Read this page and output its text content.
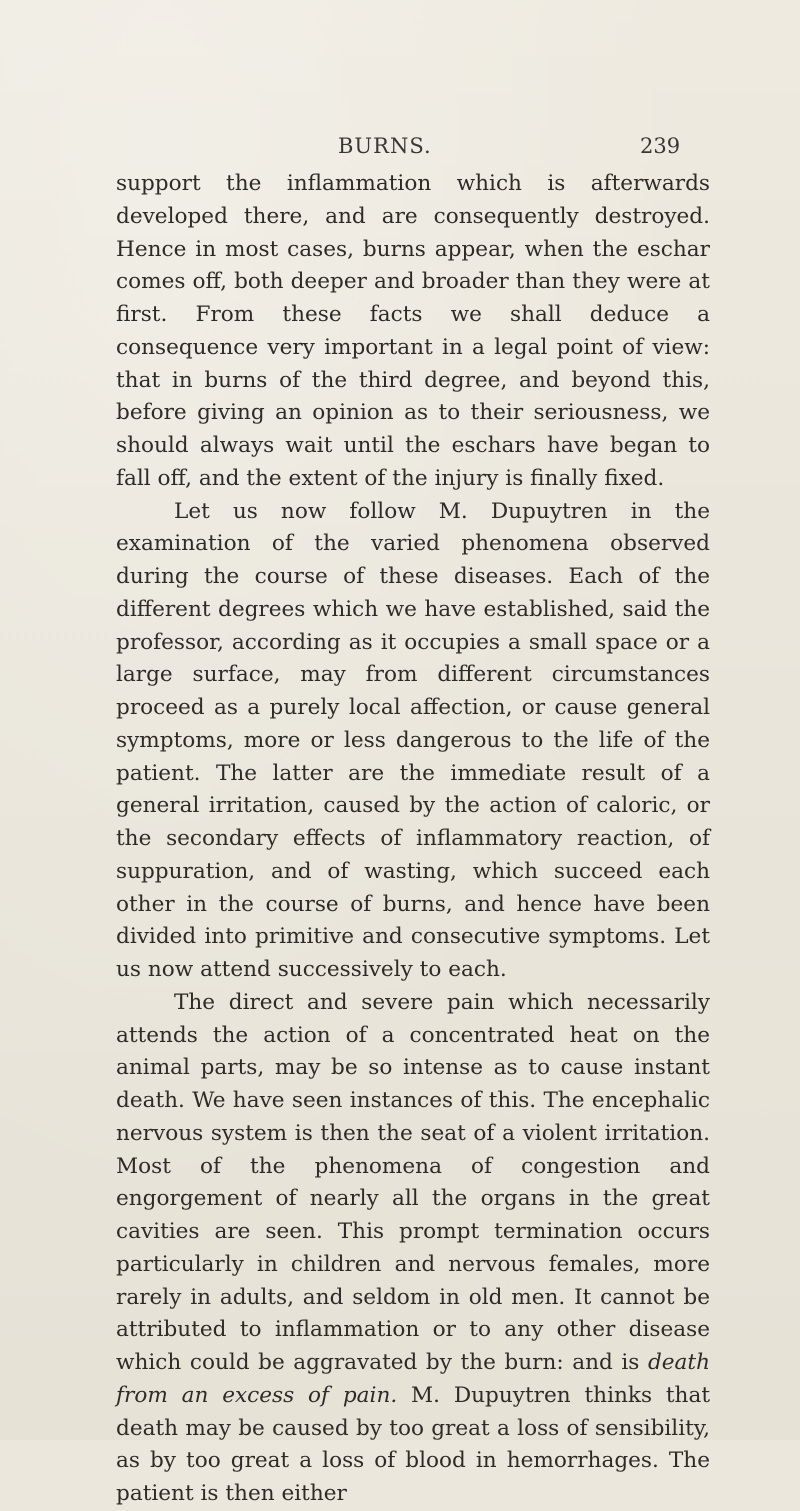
BURNS.	239

support the inflammation which is afterwards developed there, and are consequently destroyed. Hence in most cases, burns appear, when the eschar comes off, both deeper and broader than they were at first. From these facts we shall deduce a consequence very important in a legal point of view: that in burns of the third degree, and beyond this, before giving an opinion as to their seriousness, we should always wait until the eschars have began to fall off, and the extent of the injury is finally fixed.

Let us now follow M. Dupuytren in the examination of the varied phenomena observed during the course of these diseases. Each of the different degrees which we have established, said the professor, according as it occupies a small space or a large surface, may from different circumstances proceed as a purely local affection, or cause general symptoms, more or less dangerous to the life of the patient. The latter are the immediate result of a general irritation, caused by the action of caloric, or the secondary effects of inflammatory reaction, of suppuration, and of wasting, which succeed each other in the course of burns, and hence have been divided into primitive and consecutive symptoms. Let us now attend successively to each.

The direct and severe pain which necessarily attends the action of a concentrated heat on the animal parts, may be so intense as to cause instant death. We have seen instances of this. The encephalic nervous system is then the seat of a violent irritation. Most of the phenomena of congestion and engorgement of nearly all the organs in the great cavities are seen. This prompt termination occurs particularly in children and nervous females, more rarely in adults, and seldom in old men. It cannot be attributed to inflammation or to any other disease which could be aggravated by the burn: and is death from an excess of pain. M. Dupuytren thinks that death may be caused by too great a loss of sensibility, as by too great a loss of blood in hemorrhages. The patient is then either
